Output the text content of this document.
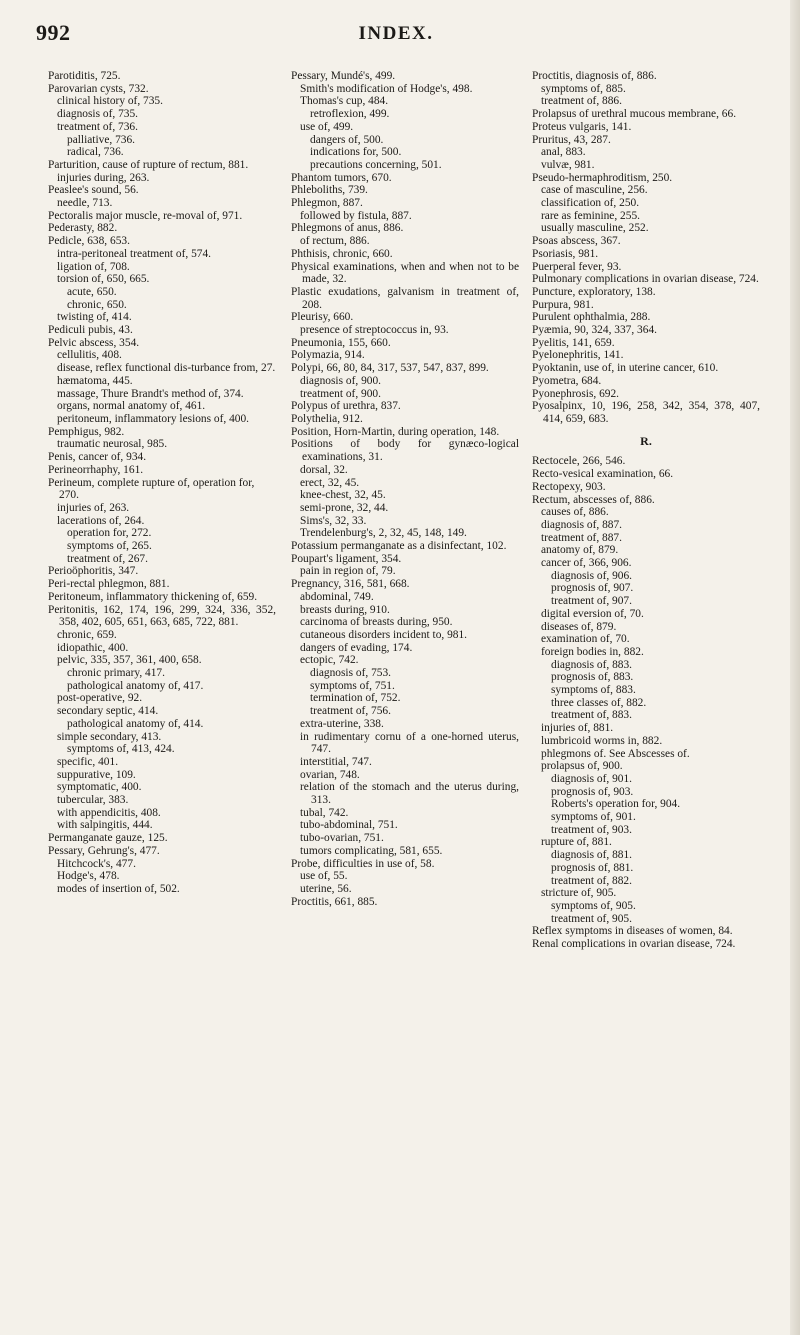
992	INDEX.
Parotiditis, 725.
Parovarian cysts, 732.
clinical history of, 735.
diagnosis of, 735.
treatment of, 736.
palliative, 736.
radical, 736.
Parturition, cause of rupture of rectum, 881.
injuries during, 263.
Peaslee's sound, 56.
needle, 713.
Pectoralis major muscle, re-moval of, 971.
Pederasty, 882.
Pedicle, 638, 653.
intra-peritoneal treatment of, 574.
ligation of, 708.
torsion of, 650, 665.
acute, 650.
chronic, 650.
twisting of, 414.
Pediculi pubis, 43.
Pelvic abscess, 354.
cellulitis, 408.
disease, reflex functional dis-turbance from, 27.
hæmatoma, 445.
massage, Thure Brandt's method of, 374.
organs, normal anatomy of, 461.
peritoneum, inflammatory lesions of, 400.
Pemphigus, 982.
traumatic neurosal, 985.
Penis, cancer of, 934.
Perineorrhaphy, 161.
Perineum, complete rupture of, operation for, 270.
injuries of, 263.
lacerations of, 264.
operation for, 272.
symptoms of, 265.
treatment of, 267.
Perioöphoritis, 347.
Peri-rectal phlegmon, 881.
Peritoneum, inflammatory thickening of, 659.
Peritonitis, 162, 174, 196, 299, 324, 336, 352, 358, 402, 605, 651, 663, 685, 722, 881.
chronic, 659.
idiopathic, 400.
pelvic, 335, 357, 361, 400, 658.
chronic primary, 417.
pathological anatomy of, 417.
post-operative, 92.
secondary septic, 414.
pathological anatomy of, 414.
simple secondary, 413.
symptoms of, 413, 424.
specific, 401.
suppurative, 109.
symptomatic, 400.
tubercular, 383.
with appendicitis, 408.
with salpingitis, 444.
Permanganate gauze, 125.
Pessary, Gehrung's, 477.
Hitchcock's, 477.
Hodge's, 478.
modes of insertion of, 502.
Pessary, Mundé's, 499.
Smith's modification of Hodge's, 498.
Thomas's cup, 484.
retroflexion, 499.
use of, 499.
dangers of, 500.
indications for, 500.
precautions concerning, 501.
Phantom tumors, 670.
Phleboliths, 739.
Phlegmon, 887.
followed by fistula, 887.
Phlegmons of anus, 886.
of rectum, 886.
Phthisis, chronic, 660.
Physical examinations, when and when not to be made, 32.
Plastic exudations, galvanism in treatment of, 208.
Pleurisy, 660.
presence of streptococcus in, 93.
Pneumonia, 155, 660.
Polymazia, 914.
Polypi, 66, 80, 84, 317, 537, 547, 837, 899.
diagnosis of, 900.
treatment of, 900.
Polypus of urethra, 837.
Polythelia, 912.
Position, Horn-Martin, during operation, 148.
Positions of body for gynæco-logical examinations, 31.
dorsal, 32.
erect, 32, 45.
knee-chest, 32, 45.
semi-prone, 32, 44.
Sims's, 32, 33.
Trendelenburg's, 2, 32, 45, 148, 149.
Potassium permanganate as a disinfectant, 102.
Poupart's ligament, 354.
pain in region of, 79.
Pregnancy, 316, 581, 668.
abdominal, 749.
breasts during, 910.
carcinoma of breasts during, 950.
cutaneous disorders incident to, 981.
dangers of evading, 174.
ectopic, 742.
diagnosis of, 753.
symptoms of, 751.
termination of, 752.
treatment of, 756.
extra-uterine, 338.
in rudimentary cornu of a one-horned uterus, 747.
interstitial, 747.
ovarian, 748.
relation of the stomach and the uterus during, 313.
tubal, 742.
tubo-abdominal, 751.
tubo-ovarian, 751.
tumors complicating, 581, 655.
Probe, difficulties in use of, 58.
use of, 55.
uterine, 56.
Proctitis, 661, 885.
Proctitis, diagnosis of, 886.
symptoms of, 885.
treatment of, 886.
Prolapsus of urethral mucous membrane, 66.
Proteus vulgaris, 141.
Pruritus, 43, 287.
anal, 883.
vulvæ, 981.
Pseudo-hermaphroditism, 250.
case of masculine, 256.
classification of, 250.
rare as feminine, 255.
usually masculine, 252.
Psoas abscess, 367.
Psoriasis, 981.
Puerperal fever, 93.
Pulmonary complications in ovarian disease, 724.
Puncture, exploratory, 138.
Purpura, 981.
Purulent ophthalmia, 288.
Pyæmia, 90, 324, 337, 364.
Pyelitis, 141, 659.
Pyelonephritis, 141.
Pyoktanin, use of, in uterine cancer, 610.
Pyometra, 684.
Pyonephrosis, 692.
Pyosalpinx, 10, 196, 258, 342, 354, 378, 407, 414, 659, 683.
R.
Rectocele, 266, 546.
Recto-vesical examination, 66.
Rectopexy, 903.
Rectum, abscesses of, 886.
causes of, 886.
diagnosis of, 887.
treatment of, 887.
anatomy of, 879.
cancer of, 366, 906.
diagnosis of, 906.
prognosis of, 907.
treatment of, 907.
digital eversion of, 70.
diseases of, 879.
examination of, 70.
foreign bodies in, 882.
diagnosis of, 883.
prognosis of, 883.
symptoms of, 883.
three classes of, 882.
treatment of, 883.
injuries of, 881.
lumbricoid worms in, 882.
phlegmons of. See Abscesses of.
prolapsus of, 900.
diagnosis of, 901.
prognosis of, 903.
Roberts's operation for, 904.
symptoms of, 901.
treatment of, 903.
rupture of, 881.
diagnosis of, 881.
prognosis of, 881.
treatment of, 882.
stricture of, 905.
symptoms of, 905.
treatment of, 905.
Reflex symptoms in diseases of women, 84.
Renal complications in ovarian disease, 724.
